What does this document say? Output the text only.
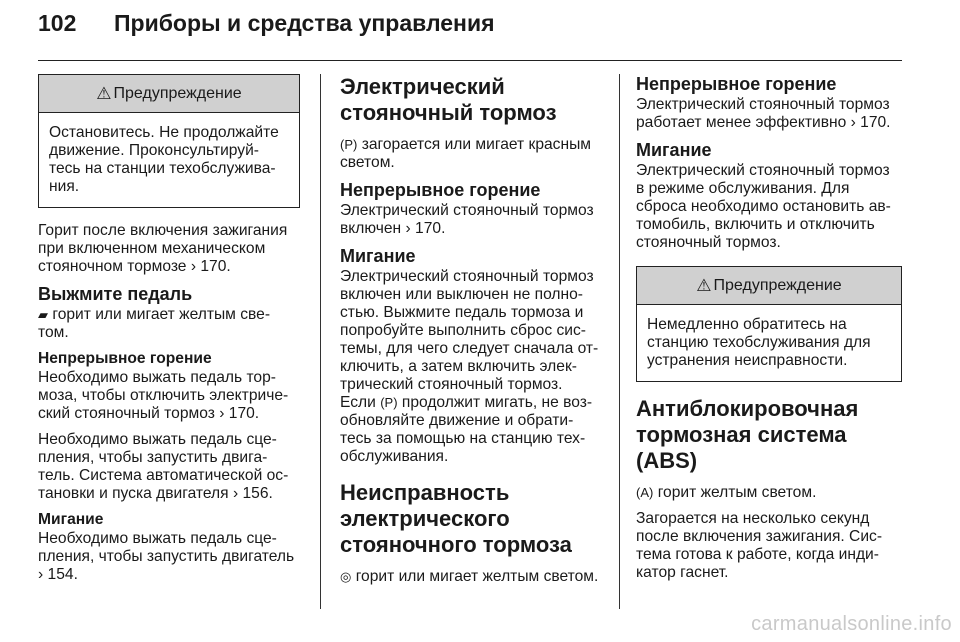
102 Приборы и средства управления
⚠ Предупреждение
Остановитесь. Не продолжайте движение. Проконсультируй-тесь на станции техобслужива-ния.

Горит после включения зажигания при включенном механическом стояночном тормозе › 170.

Выжмите педаль

▰ горит или мигает желтым све-том.

Непрерывное горение

Необходимо выжать педаль тор-моза, чтобы отключить электриче-ский стояночный тормоз › 170.

Необходимо выжать педаль сце-пления, чтобы запустить двига-тель. Система автоматической ос-тановки и пуска двигателя › 156.

Мигание

Необходимо выжать педаль сце-пления, чтобы запустить двигатель › 154.

Электрический стояночный тормоз

(P) загорается или мигает красным светом.

Непрерывное горение

Электрический стояночный тормоз включен › 170.

Мигание

Электрический стояночный тормоз включен или выключен не полно-стью. Выжмите педаль тормоза и попробуйте выполнить сброс сис-темы, для чего следует сначала от-ключить, а затем включить элек-трический стояночный тормоз. Если (P) продолжит мигать, не воз-обновляйте движение и обрати-тесь за помощью на станцию тех-обслуживания.

Неисправность электрического стояночного тормоза

◎ горит или мигает желтым светом.

Непрерывное горение

Электрический стояночный тормоз работает менее эффективно › 170.

Мигание

Электрический стояночный тормоз в режиме обслуживания. Для сброса необходимо остановить ав-томобиль, включить и отключить стояночный тормоз.

⚠ Предупреждение
Немедленно обратитесь на станцию техобслуживания для устранения неисправности.
Антиблокировочная тормозная система (ABS)

(A) горит желтым светом.

Загорается на несколько секунд после включения зажигания. Сис-тема готова к работе, когда инди-катор гаснет.

carmanualsonline.info
